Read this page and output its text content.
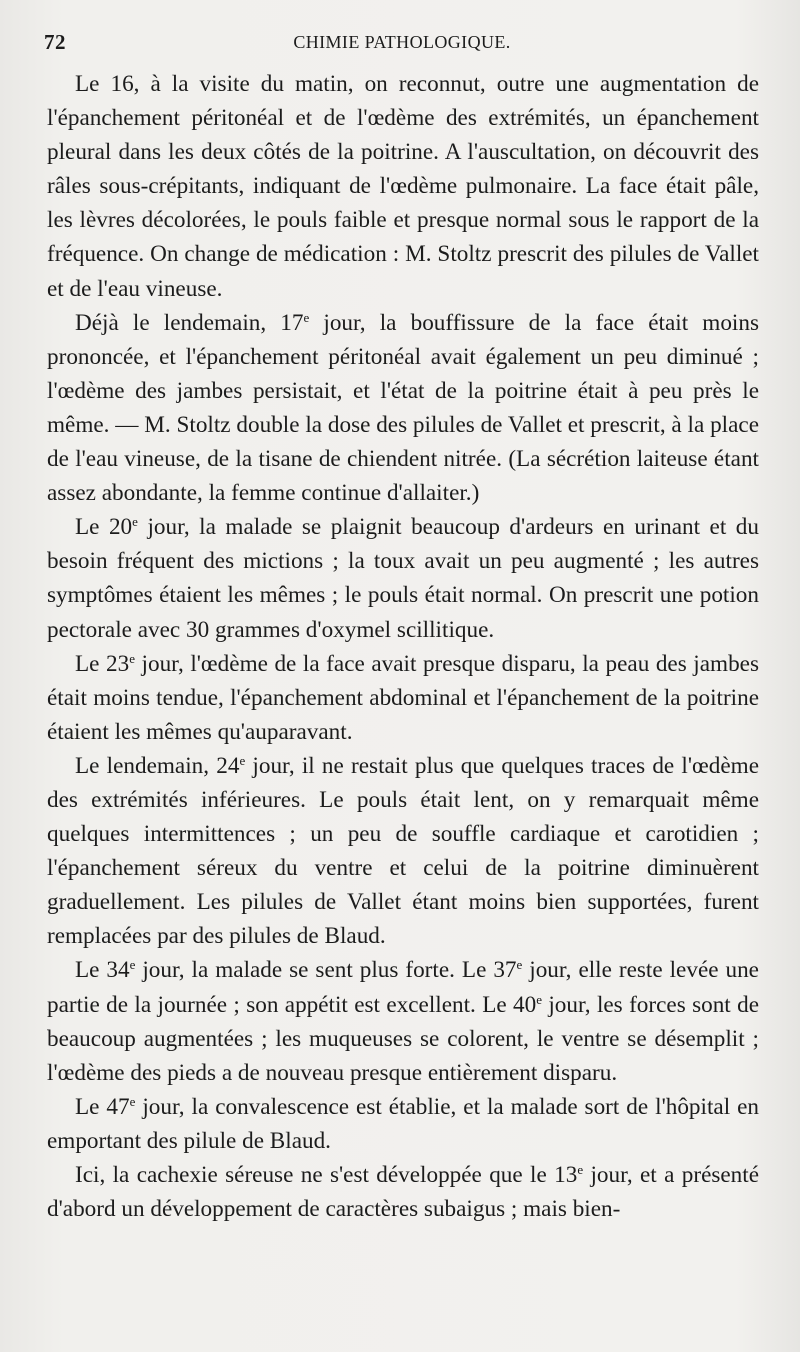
72	CHIMIE PATHOLOGIQUE.

Le 16, à la visite du matin, on reconnut, outre une augmentation de l'épanchement péritonéal et de l'œdème des extrémités, un épanchement pleural dans les deux côtés de la poitrine. A l'auscultation, on découvrit des râles sous-crépitants, indiquant de l'œdème pulmonaire. La face était pâle, les lèvres décolorées, le pouls faible et presque normal sous le rapport de la fréquence. On change de médication : M. Stoltz prescrit des pilules de Vallet et de l'eau vineuse.

Déjà le lendemain, 17e jour, la bouffissure de la face était moins prononcée, et l'épanchement péritonéal avait également un peu diminué ; l'œdème des jambes persistait, et l'état de la poitrine était à peu près le même. — M. Stoltz double la dose des pilules de Vallet et prescrit, à la place de l'eau vineuse, de la tisane de chiendent nitrée. (La sécrétion laiteuse étant assez abondante, la femme continue d'allaiter.)

Le 20e jour, la malade se plaignit beaucoup d'ardeurs en urinant et du besoin fréquent des mictions ; la toux avait un peu augmenté ; les autres symptômes étaient les mêmes ; le pouls était normal. On prescrit une potion pectorale avec 30 grammes d'oxymel scillitique.

Le 23e jour, l'œdème de la face avait presque disparu, la peau des jambes était moins tendue, l'épanchement abdominal et l'épanchement de la poitrine étaient les mêmes qu'auparavant.

Le lendemain, 24e jour, il ne restait plus que quelques traces de l'œdème des extrémités inférieures. Le pouls était lent, on y remarquait même quelques intermittences ; un peu de souffle cardiaque et carotidien ; l'épanchement séreux du ventre et celui de la poitrine diminuèrent graduellement. Les pilules de Vallet étant moins bien supportées, furent remplacées par des pilules de Blaud.

Le 34e jour, la malade se sent plus forte. Le 37e jour, elle reste levée une partie de la journée ; son appétit est excellent. Le 40e jour, les forces sont de beaucoup augmentées ; les muqueuses se colorent, le ventre se désemplit ; l'œdème des pieds a de nouveau presque entièrement disparu.

Le 47e jour, la convalescence est établie, et la malade sort de l'hôpital en emportant des pilule de Blaud.

Ici, la cachexie séreuse ne s'est développée que le 13e jour, et a présenté d'abord un développement de caractères subaigus ; mais bien-
